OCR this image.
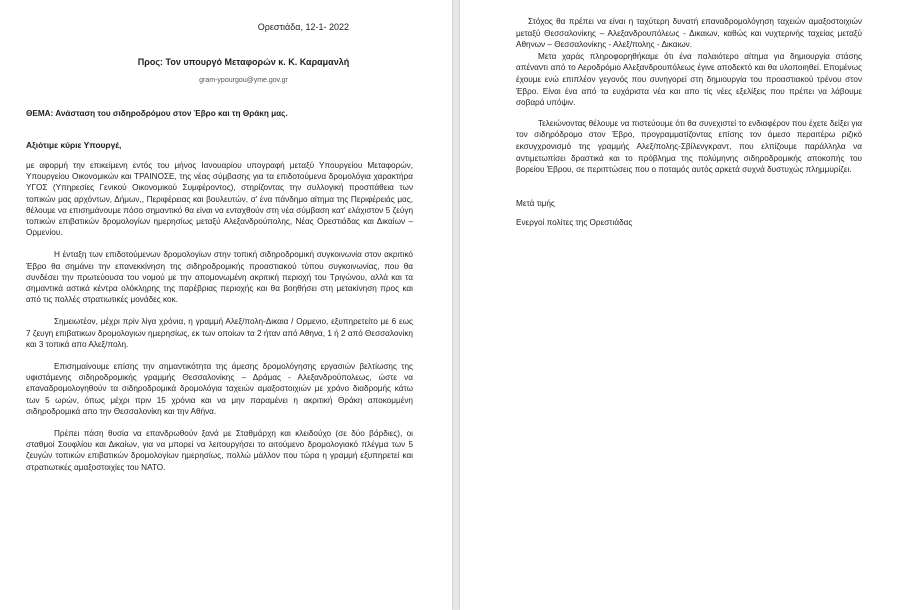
Ορεστιάδα, 12-1- 2022
Προς: Τον υπουργό Μεταφορών κ. Κ. Καραμανλή
gram-ypourgou@yme.gov.gr
ΘΕΜΑ: Ανάσταση του σιδηροδρόμου στον Έβρο και τη Θράκη μας.
Αξιότιμε κύριε Υπουργέ,

με αφορμή την επικείμενη εντός του μήνος Ιανουαρίου υπογραφή μεταξύ Υπουργείου Μεταφορών, Υπουργείου Οικονομικών και ΤΡΑΙΝΟΣΕ, της νέας σύμβασης για τα επιδοτούμενα δρομολόγια χαρακτήρα ΥΓΟΣ (Υπηρεσίες Γενικού Οικονομικού Συμφέροντος), στηρίζοντας την συλλογική προσπάθεια των τοπικών μας αρχόντων, Δήμων,, Περιφέρειας και βουλευτών, σ' ένα πάνδημο αίτημα της Περιφέρειάς μας, θέλουμε να επισημάνουμε πόσο σημαντικό θα είναι να ενταχθούν στη νέα σύμβαση κατ' ελάχιστον 5 ζεύγη τοπικών επιβατικών δρομολογίων ημερησίως μεταξύ Αλεξανδρούπολης, Νέας Ορεστιάδας και Δικαίων – Ορμενίου.

Η ένταξη των επιδοτούμενων δρομολογίων στην τοπική σιδηροδρομική συγκοινωνία στον ακριτικό Έβρο θα σημάνει την επανεκκίνηση της σιδηροδρομικής προαστιακού τύπου συγκοινωνίας, που θα συνδέσει την πρωτεύουσα του νομού με την απομονωμένη ακριτική περιοχή του Τριγώνου, αλλά και τα σημαντικά αστικά κέντρα ολόκληρης της παρέβριας περιοχής και θα βοηθήσει στη μετακίνηση προς και από τις πολλές στρατιωτικές μονάδες κοκ.

Σημειωτέον, μέχρι πρίν λίγα χρόνια, η γραμμή Αλεξ/πολη-Δικαια / Ορμενιο, εξυπηρετείτο με 6 εως 7 ζευγη επιβατικων δρομολογιων ημερησίως, εκ των οποίων τα 2 ήταν από Αθηνα, 1 ή 2 από Θεσσαλονίκη και 3 τοπικά απο Αλεξ/πολη.

Επισημαίνουμε επίσης την σημαντικότητα της άμεσης δρομολόγησης εργασιών βελτίωσης της υφιστάμενης σιδηροδρομικής γραμμής Θεσσαλονίκης – Δράμας - Αλεξανδρούπολεως, ώστε να επαναδρομολογηθούν τα σιδηροδρομικά δρομολόγια ταχειών αμαξοστοιχιών με χρόνο διαδρομής κάτω των 5 ωρών, όπως μέχρι πριν 15 χρόνια και να μην παραμένει η ακριτική Θράκη αποκομμένη σιδηροδρομικά απο την Θεσσαλονίκη και την Αθήνα.

Πρέπει πάση θυσία να επανδρωθούν ξανά με Σταθμάρχη και κλειδούχο (σε δύο βάρδιες), οι σταθμοί Σουφλίου και Δικαίων, για να μπορεί να λειτουργήσει το αιτούμενο δρομολογιακό πλέγμα των 5 ζευγών τοπικών επιβατικών δρομολογίων ημερησίως, πολλώ μάλλον που τώρα η γραμμή εξυπηρετεί και στρατιωτικές αμαξοστοιχίες του ΝΑΤΟ.

Στόχος θα πρέπει να είναι η ταχύτερη δυνατή επαναδρομολόγηση ταχειών αμαξοστοιχιών μεταξύ Θεσσαλονίκης – Αλεξανδρουπόλεως - Δικαιων, καθώς και νυχτερινής ταχείας μεταξύ Αθηνων – Θεσσαλονίκης - Αλεξ/πολης - Δικαιων.

Μετα χαράς πληροφορηθήκαμε ότι ένα παλαιότερο αίτημα για δημιουργία στάσης απέναντι από το Αεροδρόμιο Αλεξανδρουπόλεως έγινε αποδεκτό και θα υλοποιηθεί. Επομένως έχουμε ενώ επιπλέον γεγονός που συνηγορεί στη δημιουργία του προαστιακού τρένου στον Έβρο. Είναι ένα από τα ευχάριστα νέα και απο τίς νέες εξελίξεις που πρέπει να λάβουμε σοβαρά υπόψιν.

Τελειώνοντας θέλουμε να πιστεύουμε ότι θα συνεχιστεί το ενδιαφέρον που έχετε δείξει για τον σιδηρόδρομο στον Έβρο, προγραμματίζοντας επίσης τον άμεσο περαιτέρω ριζικό εκσυγχρονισμό της γραμμής Αλεξ/πολης-Σβίλενγκραντ, που ελπίζουμε παράλληλα να αντιμετωπίσει δραστικά και το πρόβλημα της πολύμηνης σιδηροδρομικής αποκοπής του βορείου Έβρου, σε περιπτώσεις που ο ποταμός αυτός αρκετά συχνά δυστυχώς πλημμυρίζει.

Μετά τιμής
Ενεργοί πολίτες της Ορεστιάδας
